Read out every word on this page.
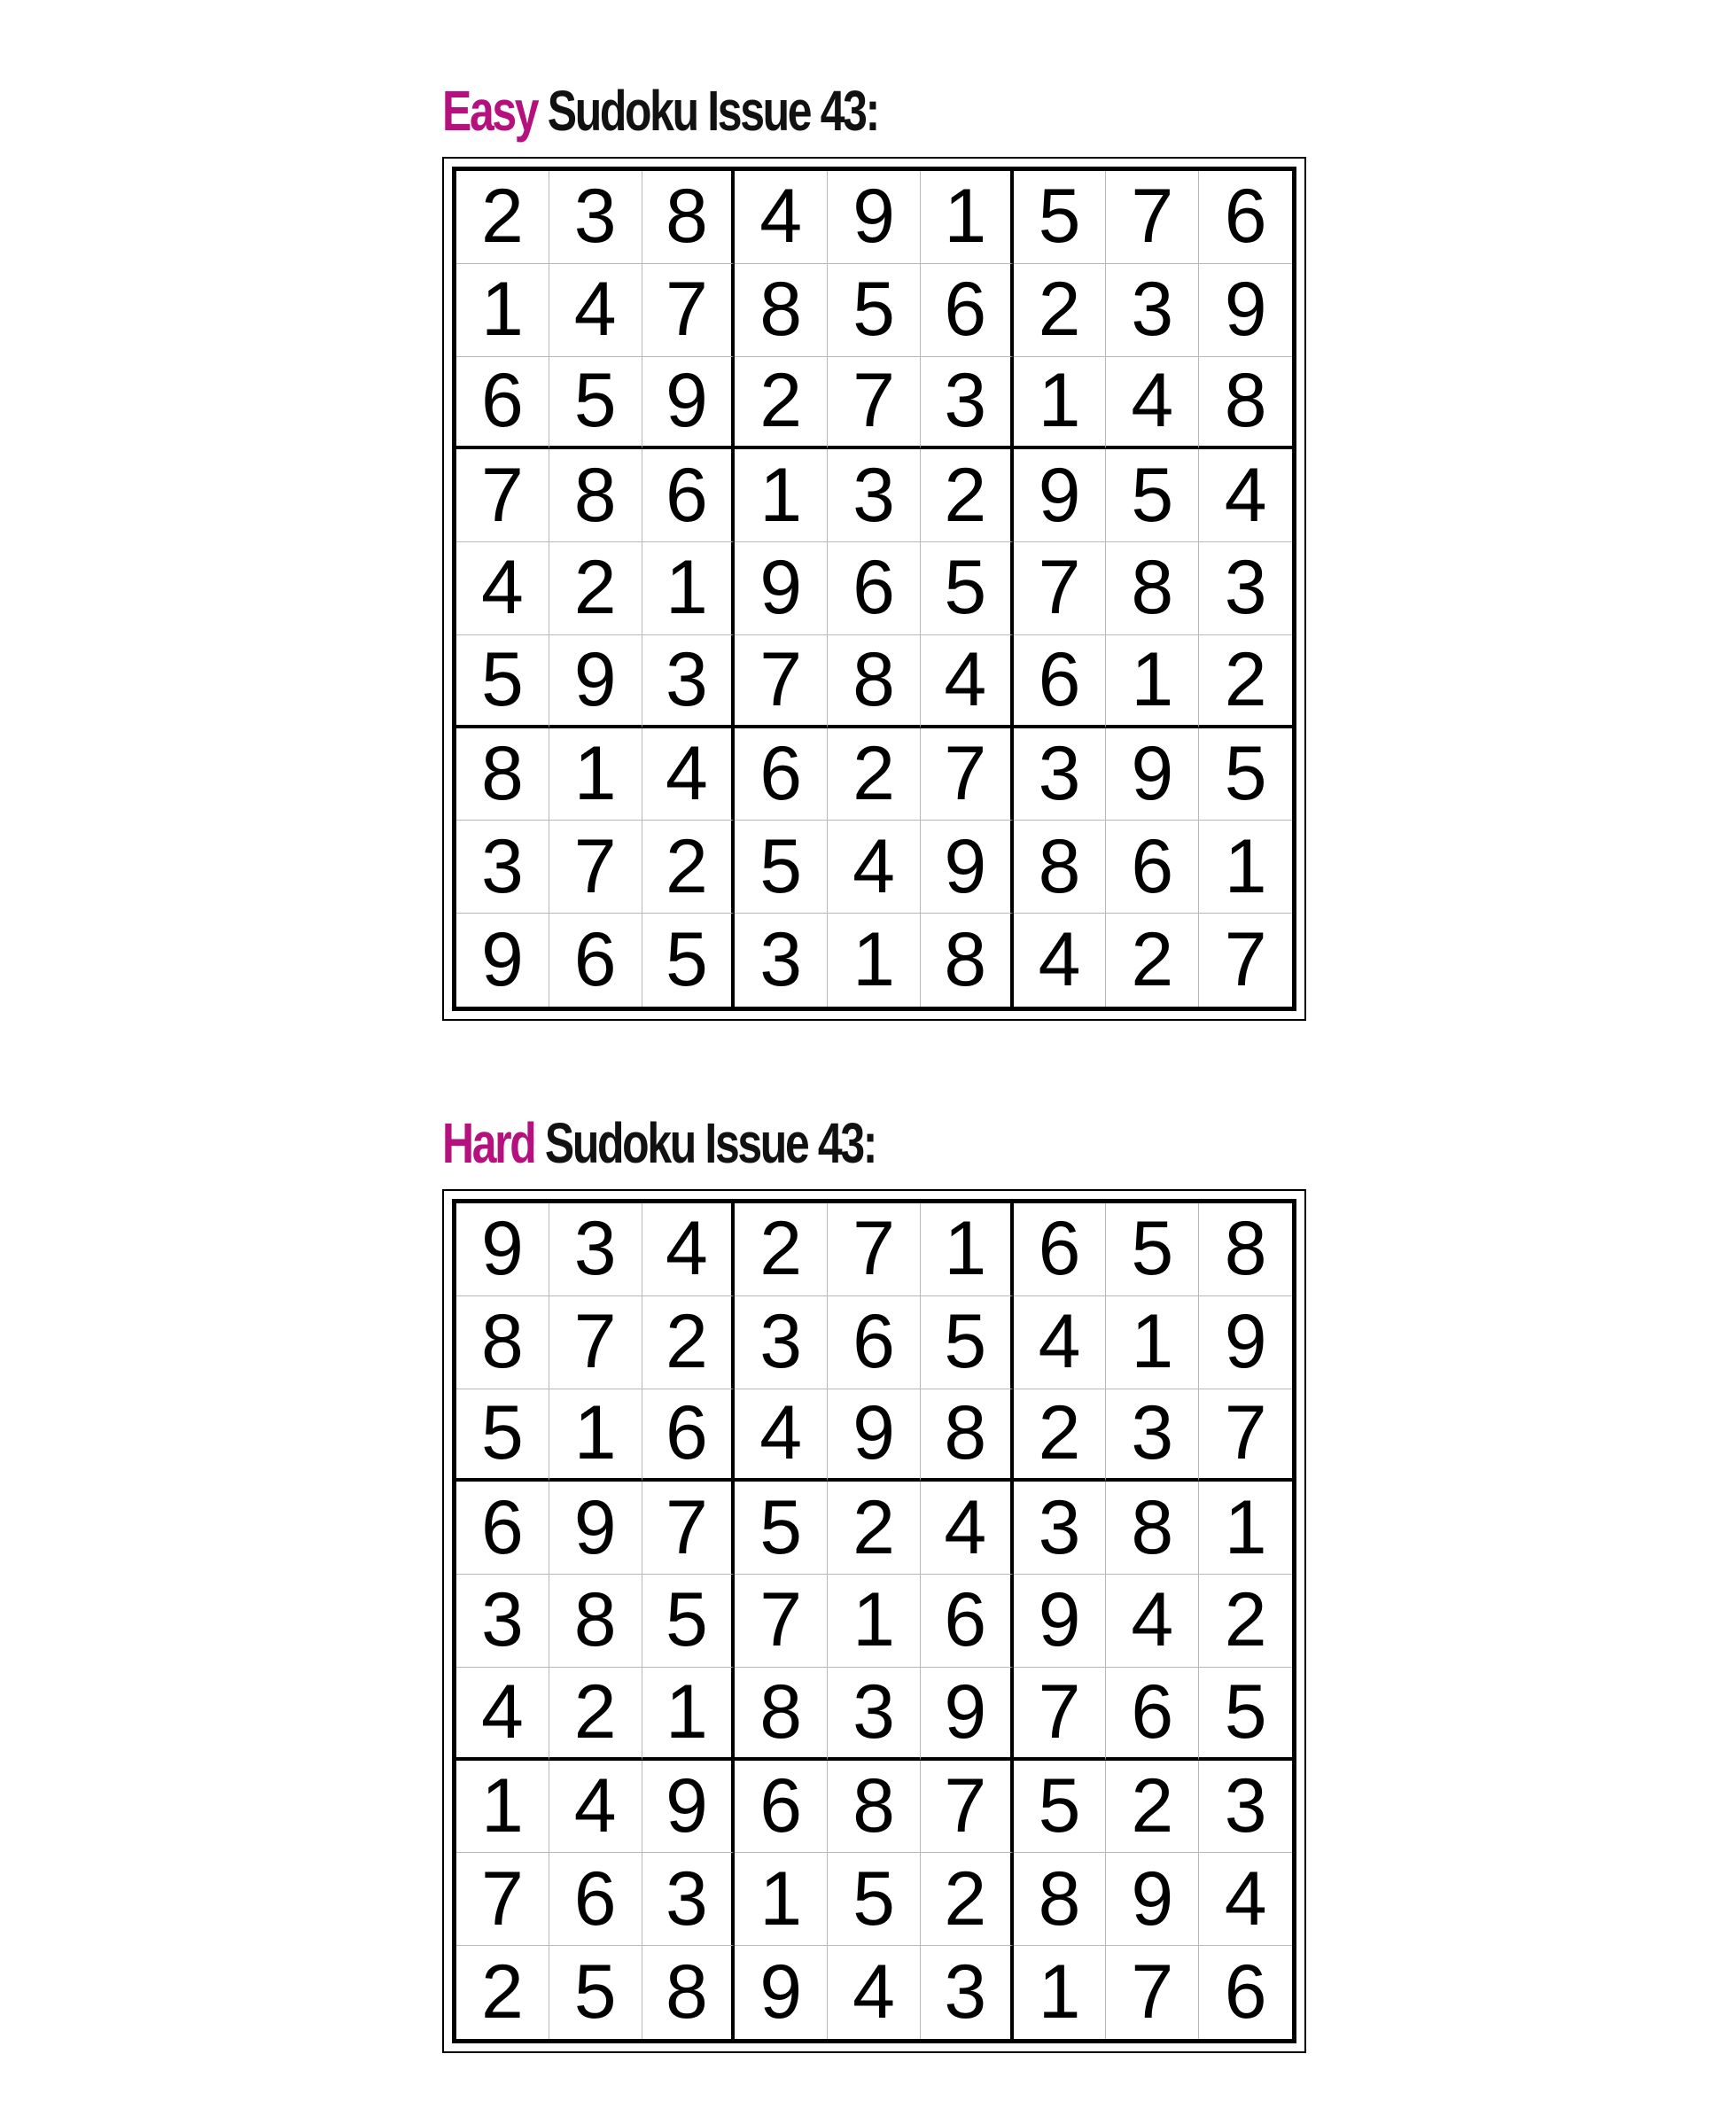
Easy Sudoku Issue 43:
2 3 8 4 9 1 5 7 6
1 4 7 8 5 6 2 3 9
6 5 9 2 7 3 1 4 8
7 8 6 1 3 2 9 5 4
4 2 1 9 6 5 7 8 3
5 9 3 7 8 4 6 1 2
8 1 4 6 2 7 3 9 5
3 7 2 5 4 9 8 6 1
9 6 5 3 1 8 4 2 7
Hard Sudoku Issue 43:
9 3 4 2 7 1 6 5 8
8 7 2 3 6 5 4 1 9
5 1 6 4 9 8 2 3 7
6 9 7 5 2 4 3 8 1
3 8 5 7 1 6 9 4 2
4 2 1 8 3 9 7 6 5
1 4 9 6 8 7 5 2 3
7 6 3 1 5 2 8 9 4
2 5 8 9 4 3 1 7 6
